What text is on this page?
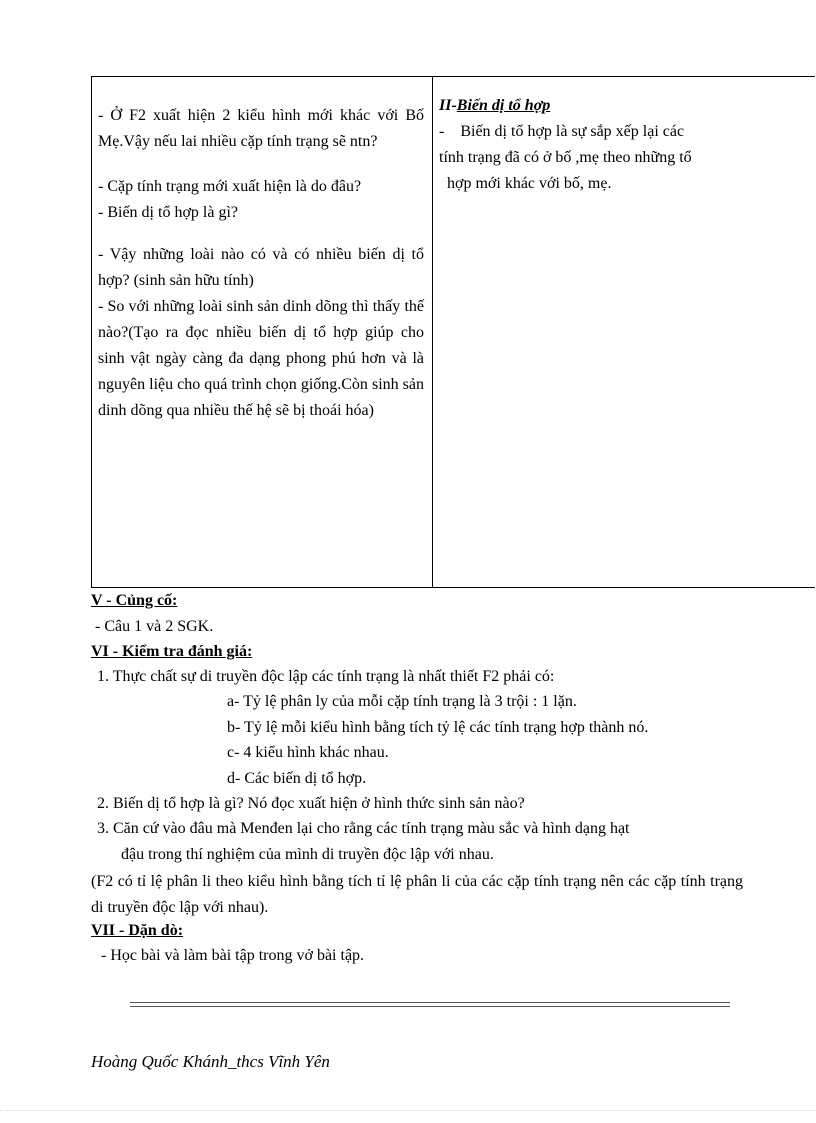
- Ở F2 xuất hiện 2 kiểu hình mới khác với Bố Mẹ.Vậy nếu lai nhiều cặp tính trạng sẽ ntn?

- Cặp tính trạng mới xuất hiện là do đâu?

- Biến dị tổ hợp là gì?

- Vậy những loài nào có và có nhiều biến dị tổ hợp? (sinh sản hữu tính)

- So với những loài sinh sản dinh dõng thì thấy thế nào?(Tạo ra đọc nhiều biến dị tổ hợp giúp cho sinh vật ngày càng đa dạng phong phú hơn và là nguyên liệu cho quá trình chọn giống.Còn sinh sản dinh dõng qua nhiều thế hệ sẽ bị thoái hóa)

II-Biến dị tổ hợp

- Biến dị tổ hợp là sự sắp xếp lại các

tính trạng đã có ở bố ,mẹ theo những tổ

hợp mới khác với bố, mẹ.

V - Củng cố:
- Câu 1 và 2 SGK.
VI - Kiểm tra đánh giá:
1. Thực chất sự di truyền độc lập các tính trạng là nhất thiết F2 phải có:
a- Tỷ lệ phân ly của mỗi cặp tính trạng là 3 trội : 1 lặn.
b- Tỷ lệ mỗi kiểu hình bằng tích tỷ lệ các tính trạng hợp thành nó.
c- 4 kiểu hình khác nhau.
d- Các biến dị tổ hợp.
2. Biến dị tổ hợp là gì? Nó đọc xuất hiện ở hình thức sinh sản nào?
3. Căn cứ vào đâu mà Menđen lại cho rằng các tính trạng màu sắc và hình dạng hạt
đậu trong thí nghiệm của mình di truyền độc lập với nhau.
(F2 có tỉ lệ phân li theo kiểu hình bằng tích tỉ lệ phân li của các cặp tính trạng nên các cặp tính trạng di truyền độc lập với nhau).
VII - Dặn dò:
- Học bài và làm bài tập trong vở bài tập.
Hoàng Quốc Khánh_thcs Vĩnh Yên
